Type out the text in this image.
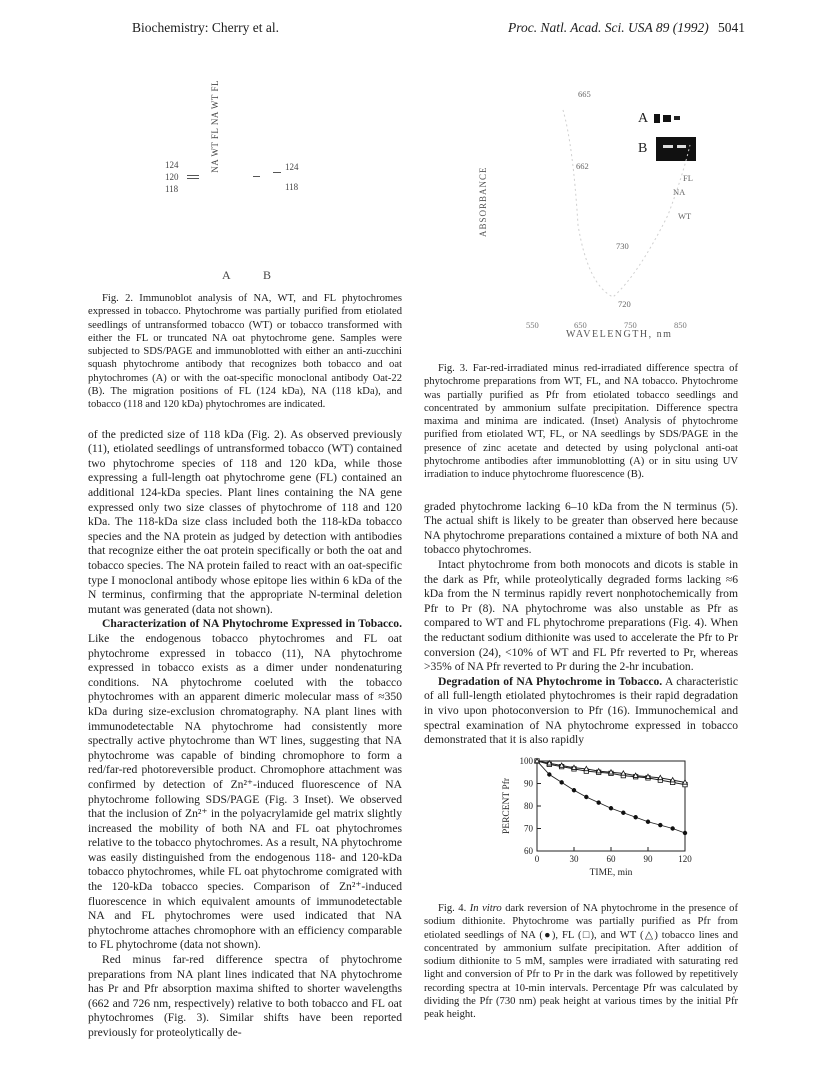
Biochemistry: Cherry et al.	Proc. Natl. Acad. Sci. USA 89 (1992) 5041
NA WT FL NA WT FL
124
120
118
124
118
A	B
ABSORBANCE
665
662
730
720
A
B
NA
WT
FL
550	650	750	850
WAVELENGTH, nm

Fig. 2. Immunoblot analysis of NA, WT, and FL phytochromes expressed in tobacco. Phytochrome was partially purified from etiolated seedlings of untransformed tobacco (WT) or tobacco transformed with either the FL or truncated NA oat phytochrome gene. Samples were subjected to SDS/PAGE and immunoblotted with either an anti-zucchini squash phytochrome antibody that recognizes both tobacco and oat phytochromes (A) or with the oat-specific monoclonal antibody Oat-22 (B). The migration positions of FL (124 kDa), NA (118 kDa), and tobacco (118 and 120 kDa) phytochromes are indicated.

of the predicted size of 118 kDa (Fig. 2). As observed previously (11), etiolated seedlings of untransformed tobacco (WT) contained two phytochrome species of 118 and 120 kDa, while those expressing a full-length oat phytochrome gene (FL) contained an additional 124-kDa species. Plant lines containing the NA gene expressed only two size classes of phytochrome of 118 and 120 kDa. The 118-kDa size class included both the 118-kDa tobacco species and the NA protein as judged by detection with antibodies that recognize either the oat protein specifically or both the oat and tobacco species. The NA protein failed to react with an oat-specific type I monoclonal antibody whose epitope lies within 6 kDa of the N terminus, confirming that the appropriate N-terminal deletion mutant was generated (data not shown).

Characterization of NA Phytochrome Expressed in Tobacco. Like the endogenous tobacco phytochromes and FL oat phytochrome expressed in tobacco (11), NA phytochrome expressed in tobacco exists as a dimer under nondenaturing conditions. NA phytochrome coeluted with the tobacco phytochromes with an apparent dimeric molecular mass of ≈350 kDa during size-exclusion chromatography. NA plant lines with immunodetectable NA phytochrome had consistently more spectrally active phytochrome than WT lines, suggesting that NA phytochrome was capable of binding chromophore to form a red/far-red photoreversible product. Chromophore attachment was confirmed by detection of Zn²⁺-induced fluorescence of NA phytochrome following SDS/PAGE (Fig. 3 Inset). We observed that the inclusion of Zn²⁺ in the polyacrylamide gel matrix slightly increased the mobility of both NA and FL oat phytochromes relative to the tobacco phytochromes. As a result, NA phytochrome was easily distinguished from the endogenous 118- and 120-kDa tobacco phytochromes, while FL oat phytochrome comigrated with the 120-kDa tobacco species. Comparison of Zn²⁺-induced fluorescence in which equivalent amounts of immunodetectable NA and FL phytochromes were used indicated that NA phytochrome attaches chromophore with an efficiency comparable to FL phytochrome (data not shown).

Red minus far-red difference spectra of phytochrome preparations from NA plant lines indicated that NA phytochrome has Pr and Pfr absorption maxima shifted to shorter wavelengths (662 and 726 nm, respectively) relative to both tobacco and FL oat phytochromes (Fig. 3). Similar shifts have been reported previously for proteolytically de-

Fig. 3. Far-red-irradiated minus red-irradiated difference spectra of phytochrome preparations from WT, FL, and NA tobacco. Phytochrome was partially purified as Pfr from etiolated tobacco seedlings and concentrated by ammonium sulfate precipitation. Difference spectra maxima and minima are indicated. (Inset) Analysis of phytochrome purified from etiolated WT, FL, or NA seedlings by SDS/PAGE in the presence of zinc acetate and detected by using polyclonal anti-oat phytochrome antibodies after immunoblotting (A) or in situ using UV irradiation to induce phytochrome fluorescence (B).

graded phytochrome lacking 6–10 kDa from the N terminus (5). The actual shift is likely to be greater than observed here because NA phytochrome preparations contained a mixture of both NA and tobacco phytochromes.

Intact phytochrome from both monocots and dicots is stable in the dark as Pfr, while proteolytically degraded forms lacking ≈6 kDa from the N terminus rapidly revert nonphotochemically from Pfr to Pr (8). NA phytochrome was also unstable as Pfr as compared to WT and FL phytochrome preparations (Fig. 4). When the reductant sodium dithionite was used to accelerate the Pfr to Pr conversion (24), <10% of WT and FL Pfr reverted to Pr, whereas >35% of NA Pfr reverted to Pr during the 2-hr incubation.

Degradation of NA Phytochrome in Tobacco. A characteristic of all full-length etiolated phytochromes is their rapid degradation in vivo upon photoconversion to Pfr (16). Immunochemical and spectral examination of NA phytochrome expressed in tobacco demonstrated that it is also rapidly

60
70
80
90
100
0	30	60	90	120
TIME, min
PERCENT Pfr

Fig. 4. In vitro dark reversion of NA phytochrome in the presence of sodium dithionite. Phytochrome was partially purified as Pfr from etiolated seedlings of NA (●), FL (□), and WT (△) tobacco lines and concentrated by ammonium sulfate precipitation. After addition of sodium dithionite to 5 mM, samples were irradiated with saturating red light and conversion of Pfr to Pr in the dark was followed by repetitively recording spectra at 10-min intervals. Percentage Pfr was calculated by dividing the Pfr (730 nm) peak height at various times by the initial Pfr peak height.
